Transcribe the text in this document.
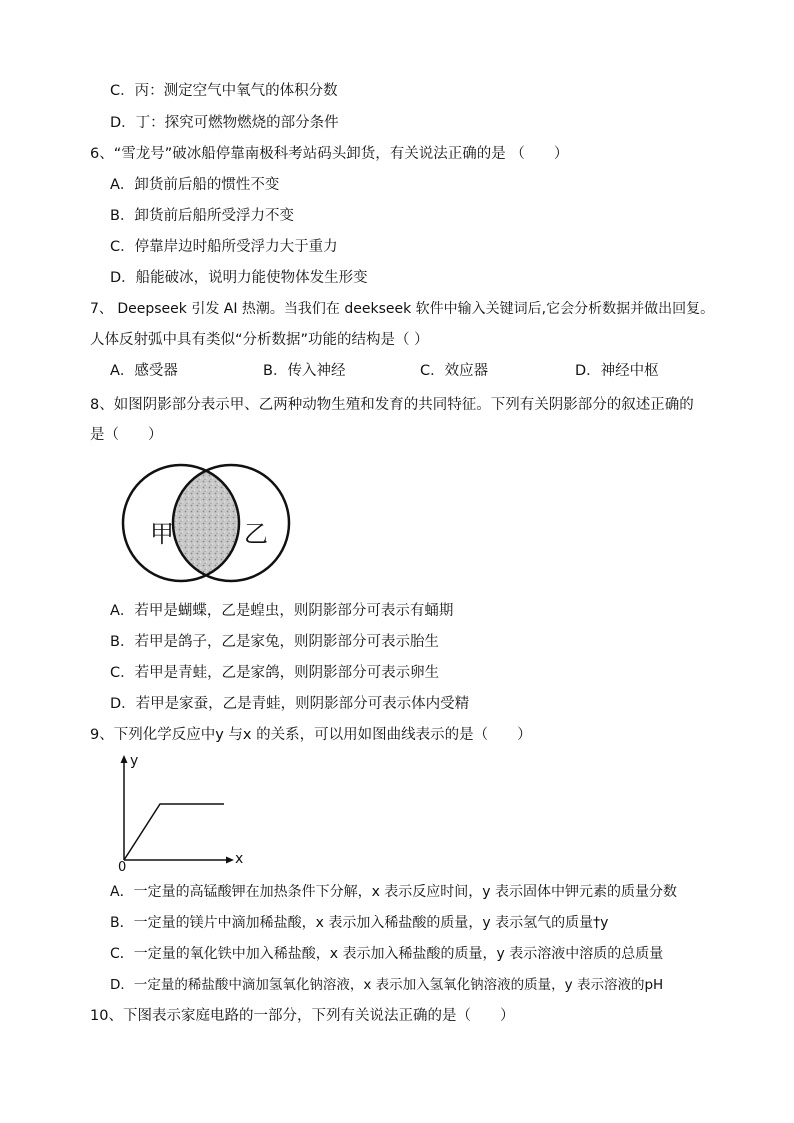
C．丙：测定空气中氧气的体积分数
D．丁：探究可燃物燃烧的部分条件
6、“雪龙号”破冰船停靠南极科考站码头卸货，有关说法正确的是 （　　）
A．卸货前后船的惯性不变
B．卸货前后船所受浮力不变
C．停靠岸边时船所受浮力大于重力
D．船能破冰，说明力能使物体发生形变
7、 Deepseek 引发 AI 热潮。当我们在 deekseek 软件中输入关键词后,它会分析数据并做出回复。
人体反射弧中具有类似“分析数据”功能的结构是（ ）
A．感受器	B．传入神经	C．效应器	D．神经中枢
8、如图阴影部分表示甲、乙两种动物生殖和发育的共同特征。下列有关阴影部分的叙述正确的
是（　　）
甲	乙
A．若甲是蝴蝶，乙是蝗虫，则阴影部分可表示有蛹期
B．若甲是鸽子，乙是家兔，则阴影部分可表示胎生
C．若甲是青蛙，乙是家鸽，则阴影部分可表示卵生
D．若甲是家蚕，乙是青蛙，则阴影部分可表示体内受精
9、下列化学反应中y 与x 的关系，可以用如图曲线表示的是（　　）
y
x
0
A．一定量的高锰酸钾在加热条件下分解，x 表示反应时间，y 表示固体中钾元素的质量分数
B．一定量的镁片中滴加稀盐酸，x 表示加入稀盐酸的质量，y 表示氢气的质量†y
C．一定量的氧化铁中加入稀盐酸，x 表示加入稀盐酸的质量，y 表示溶液中溶质的总质量
D．一定量的稀盐酸中滴加氢氧化钠溶液，x 表示加入氢氧化钠溶液的质量，y 表示溶液的pH
10、下图表示家庭电路的一部分，下列有关说法正确的是（　　）
